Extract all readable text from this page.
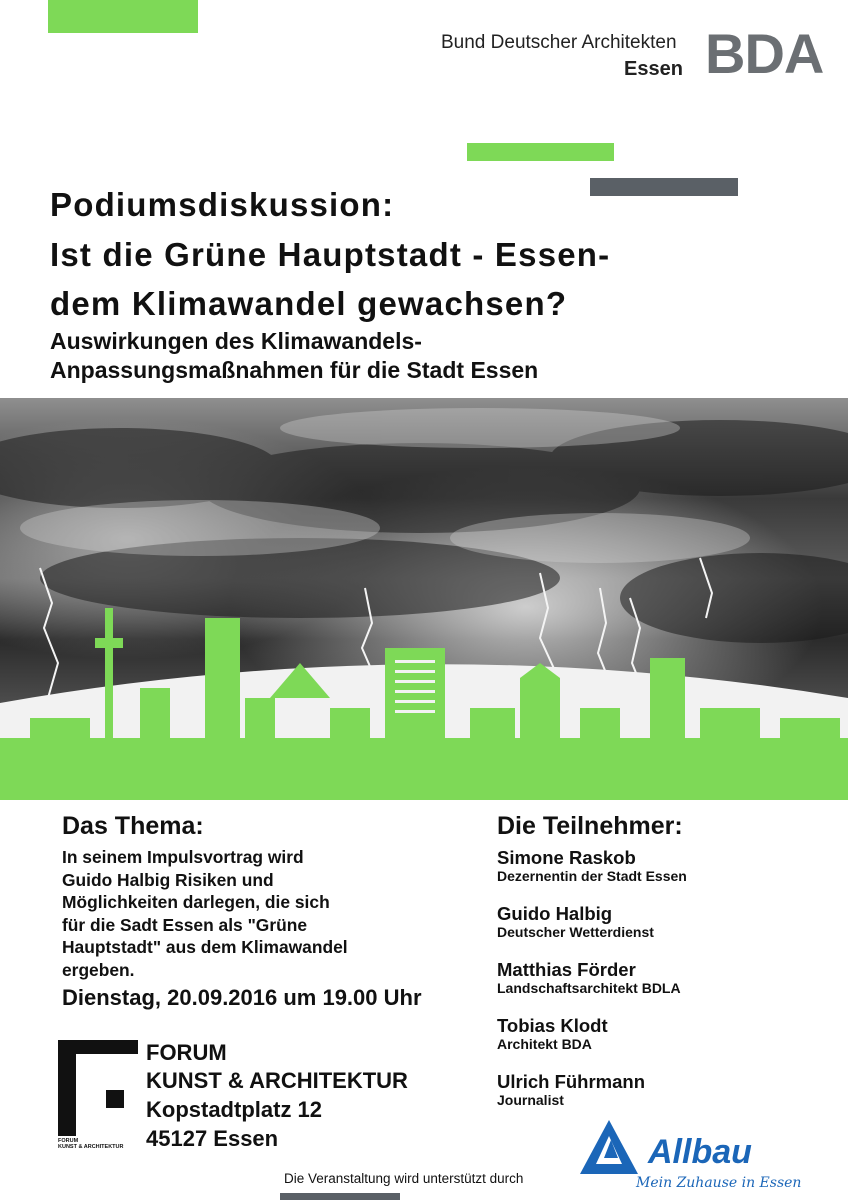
Bund Deutscher Architekten
Essen BDA
Podiumsdiskussion:
Ist die Grüne Hauptstadt - Essen-
dem Klimawandel gewachsen?
Auswirkungen des Klimawandels-
Anpassungsmaßnahmen für die Stadt Essen
Das Thema:
In seinem Impulsvortrag wird
Guido Halbig Risiken und
Möglichkeiten darlegen, die sich
für die Sadt Essen als "Grüne
Hauptstadt" aus dem Klimawandel
ergeben.
Dienstag, 20.09.2016 um 19.00 Uhr
Die Teilnehmer:
Simone Raskob
Dezernentin der Stadt Essen
Guido Halbig
Deutscher Wetterdienst
Matthias Förder
Landschaftsarchitekt BDLA
Tobias Klodt
Architekt BDA
Ulrich Führmann
Journalist
FORUM
KUNST & ARCHITEKTUR
FORUM
KUNST & ARCHITEKTUR
Kopstadtplatz 12
45127 Essen	Allbau
Mein Zuhause in Essen
Die Veranstaltung wird unterstützt durch
